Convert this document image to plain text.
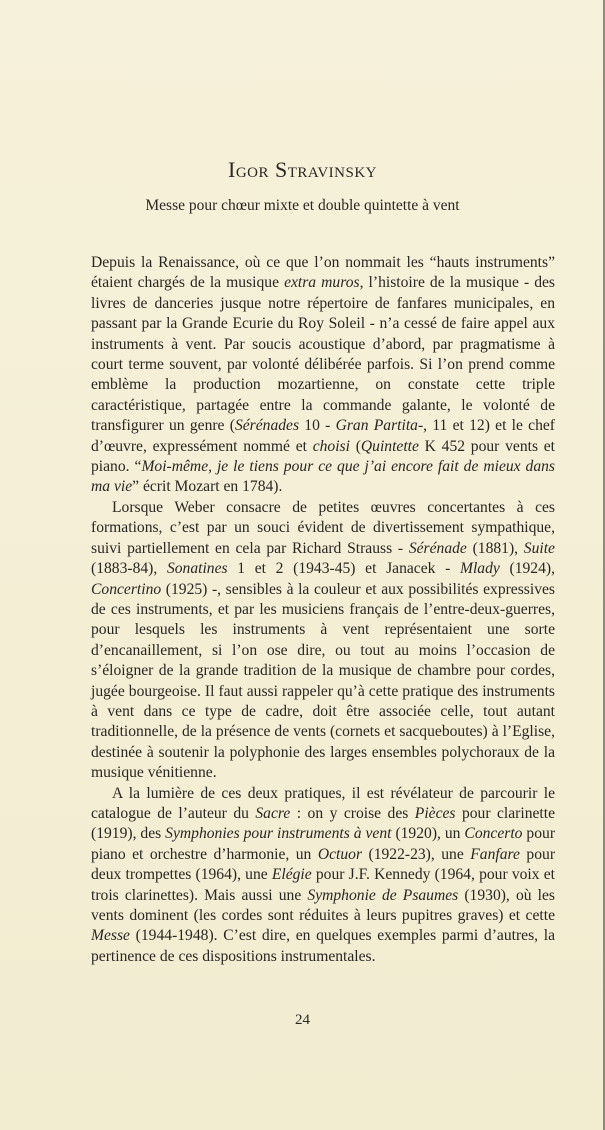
Igor Stravinsky
Messe pour chœur mixte et double quintette à vent

Depuis la Renaissance, où ce que l’on nommait les “hauts instruments” étaient chargés de la musique extra muros, l’histoire de la musique - des livres de danceries jusque notre répertoire de fanfares municipales, en passant par la Grande Ecurie du Roy Soleil - n’a cessé de faire appel aux instruments à vent. Par soucis acoustique d’abord, par pragmatisme à court terme souvent, par volonté délibérée parfois. Si l’on prend comme emblème la production mozartienne, on constate cette triple caractéristique, partagée entre la commande galante, le volonté de transfigurer un genre (Sérénades 10 - Gran Partita-, 11 et 12) et le chef d’œuvre, expressément nommé et choisi (Quintette K 452 pour vents et piano. “Moi-même, je le tiens pour ce que j’ai encore fait de mieux dans ma vie” écrit Mozart en 1784).

Lorsque Weber consacre de petites œuvres concertantes à ces formations, c’est par un souci évident de divertissement sympathique, suivi partiellement en cela par Richard Strauss - Sérénade (1881), Suite (1883-84), Sonatines 1 et 2 (1943-45) et Janacek - Mlady (1924), Concertino (1925) -, sensibles à la couleur et aux possibilités expressives de ces instruments, et par les musiciens français de l’entre-deux-guerres, pour lesquels les instruments à vent représentaient une sorte d’encanaillement, si l’on ose dire, ou tout au moins l’occasion de s’éloigner de la grande tradition de la musique de chambre pour cordes, jugée bourgeoise. Il faut aussi rappeler qu’à cette pratique des instruments à vent dans ce type de cadre, doit être associée celle, tout autant traditionnelle, de la présence de vents (cornets et sacqueboutes) à l’Eglise, destinée à soutenir la polyphonie des larges ensembles polychoraux de la musique vénitienne.

A la lumière de ces deux pratiques, il est révélateur de parcourir le catalogue de l’auteur du Sacre : on y croise des Pièces pour clarinette (1919), des Symphonies pour instruments à vent (1920), un Concerto pour piano et orchestre d’harmonie, un Octuor (1922-23), une Fanfare pour deux trompettes (1964), une Elégie pour J.F. Kennedy (1964, pour voix et trois clarinettes). Mais aussi une Symphonie de Psaumes (1930), où les vents dominent (les cordes sont réduites à leurs pupitres graves) et cette Messe (1944-1948). C’est dire, en quelques exemples parmi d’autres, la pertinence de ces dispositions instrumentales.

24
